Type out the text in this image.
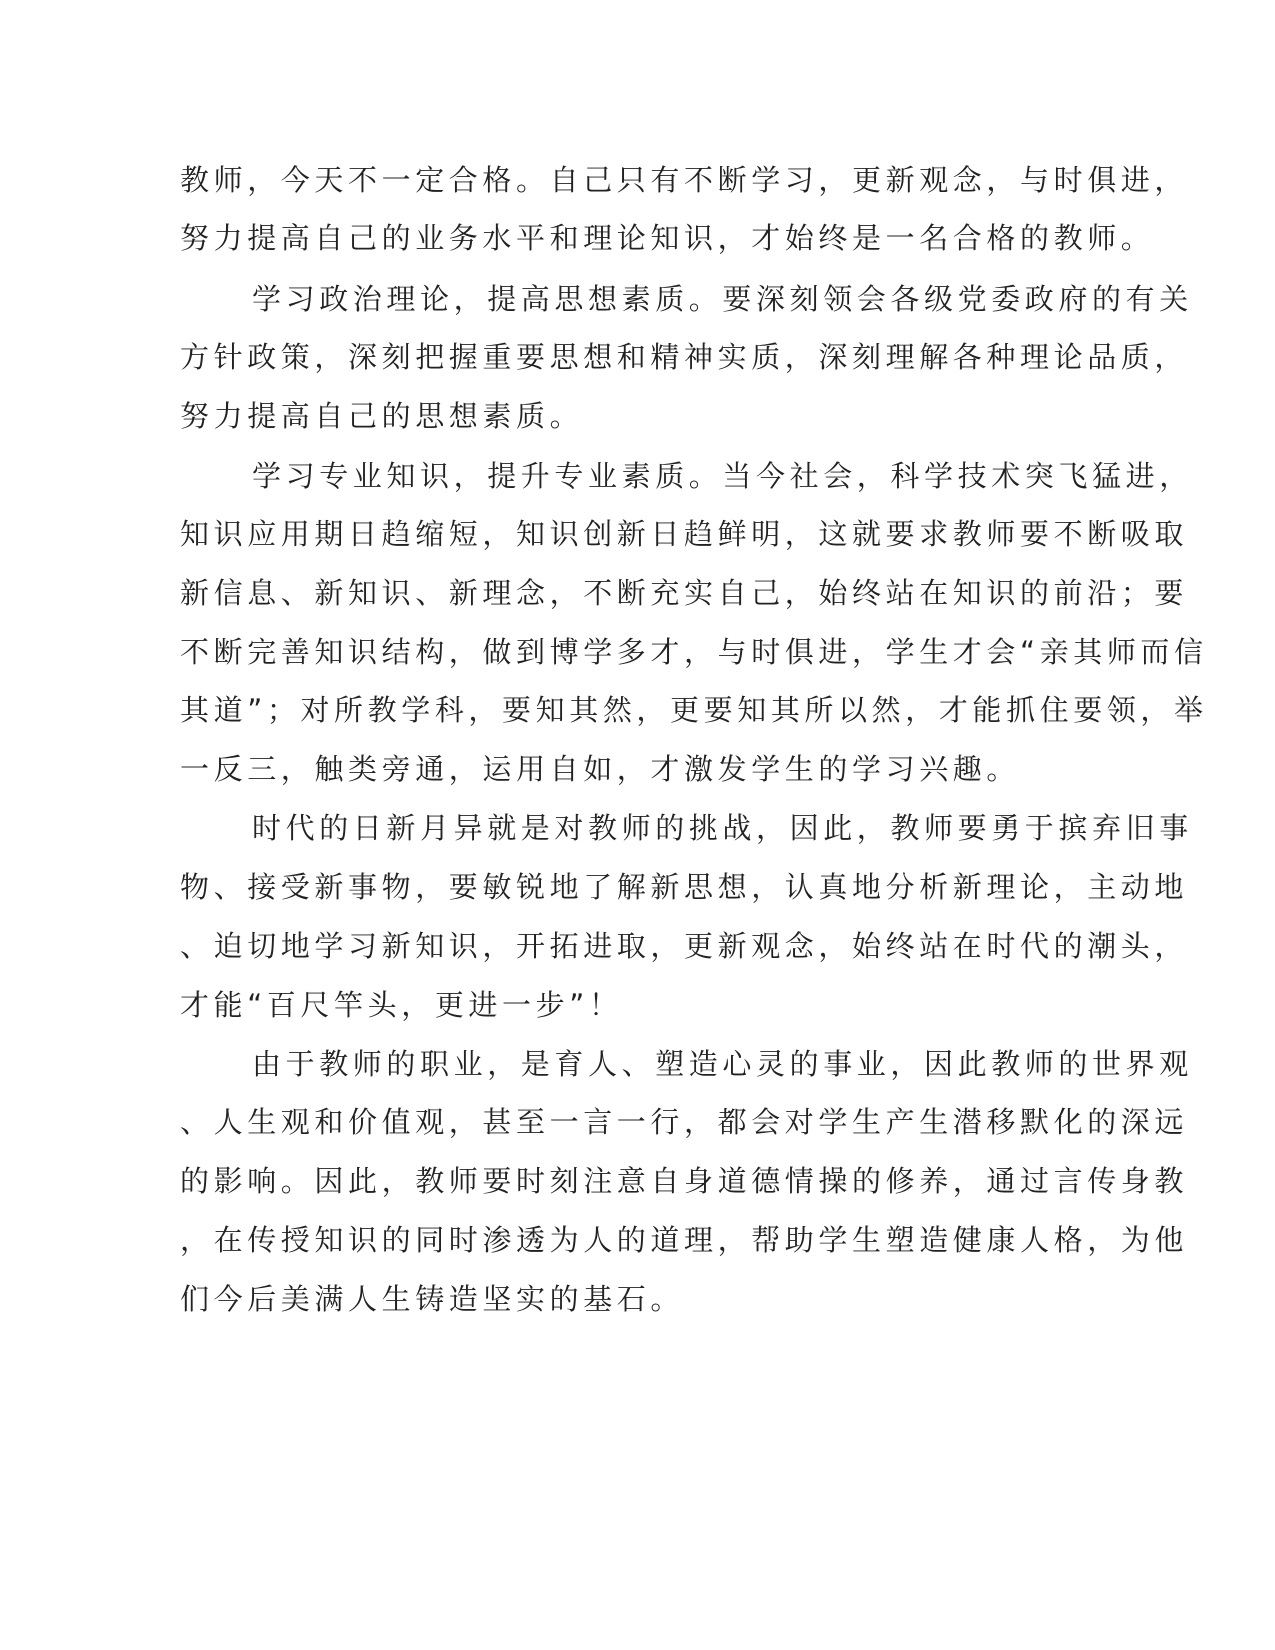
教师，今天不一定合格。自己只有不断学习，更新观念，与时俱进，
努力提高自己的业务水平和理论知识，才始终是一名合格的教师。
学习政治理论，提高思想素质。要深刻领会各级党委政府的有关
方针政策，深刻把握重要思想和精神实质，深刻理解各种理论品质，
努力提高自己的思想素质。
学习专业知识，提升专业素质。当今社会，科学技术突飞猛进，
知识应用期日趋缩短，知识创新日趋鲜明，这就要求教师要不断吸取
新信息、新知识、新理念，不断充实自己，始终站在知识的前沿；要
不断完善知识结构，做到博学多才，与时俱进，学生才会“亲其师而信
其道”；对所教学科，要知其然，更要知其所以然，才能抓住要领，举
一反三，触类旁通，运用自如，才激发学生的学习兴趣。
时代的日新月异就是对教师的挑战，因此，教师要勇于摈弃旧事
物、接受新事物，要敏锐地了解新思想，认真地分析新理论，主动地
、迫切地学习新知识，开拓进取，更新观念，始终站在时代的潮头，
才能“百尺竿头，更进一步”！
由于教师的职业，是育人、塑造心灵的事业，因此教师的世界观
、人生观和价值观，甚至一言一行，都会对学生产生潜移默化的深远
的影响。因此，教师要时刻注意自身道德情操的修养，通过言传身教
，在传授知识的同时渗透为人的道理，帮助学生塑造健康人格，为他
们今后美满人生铸造坚实的基石。
